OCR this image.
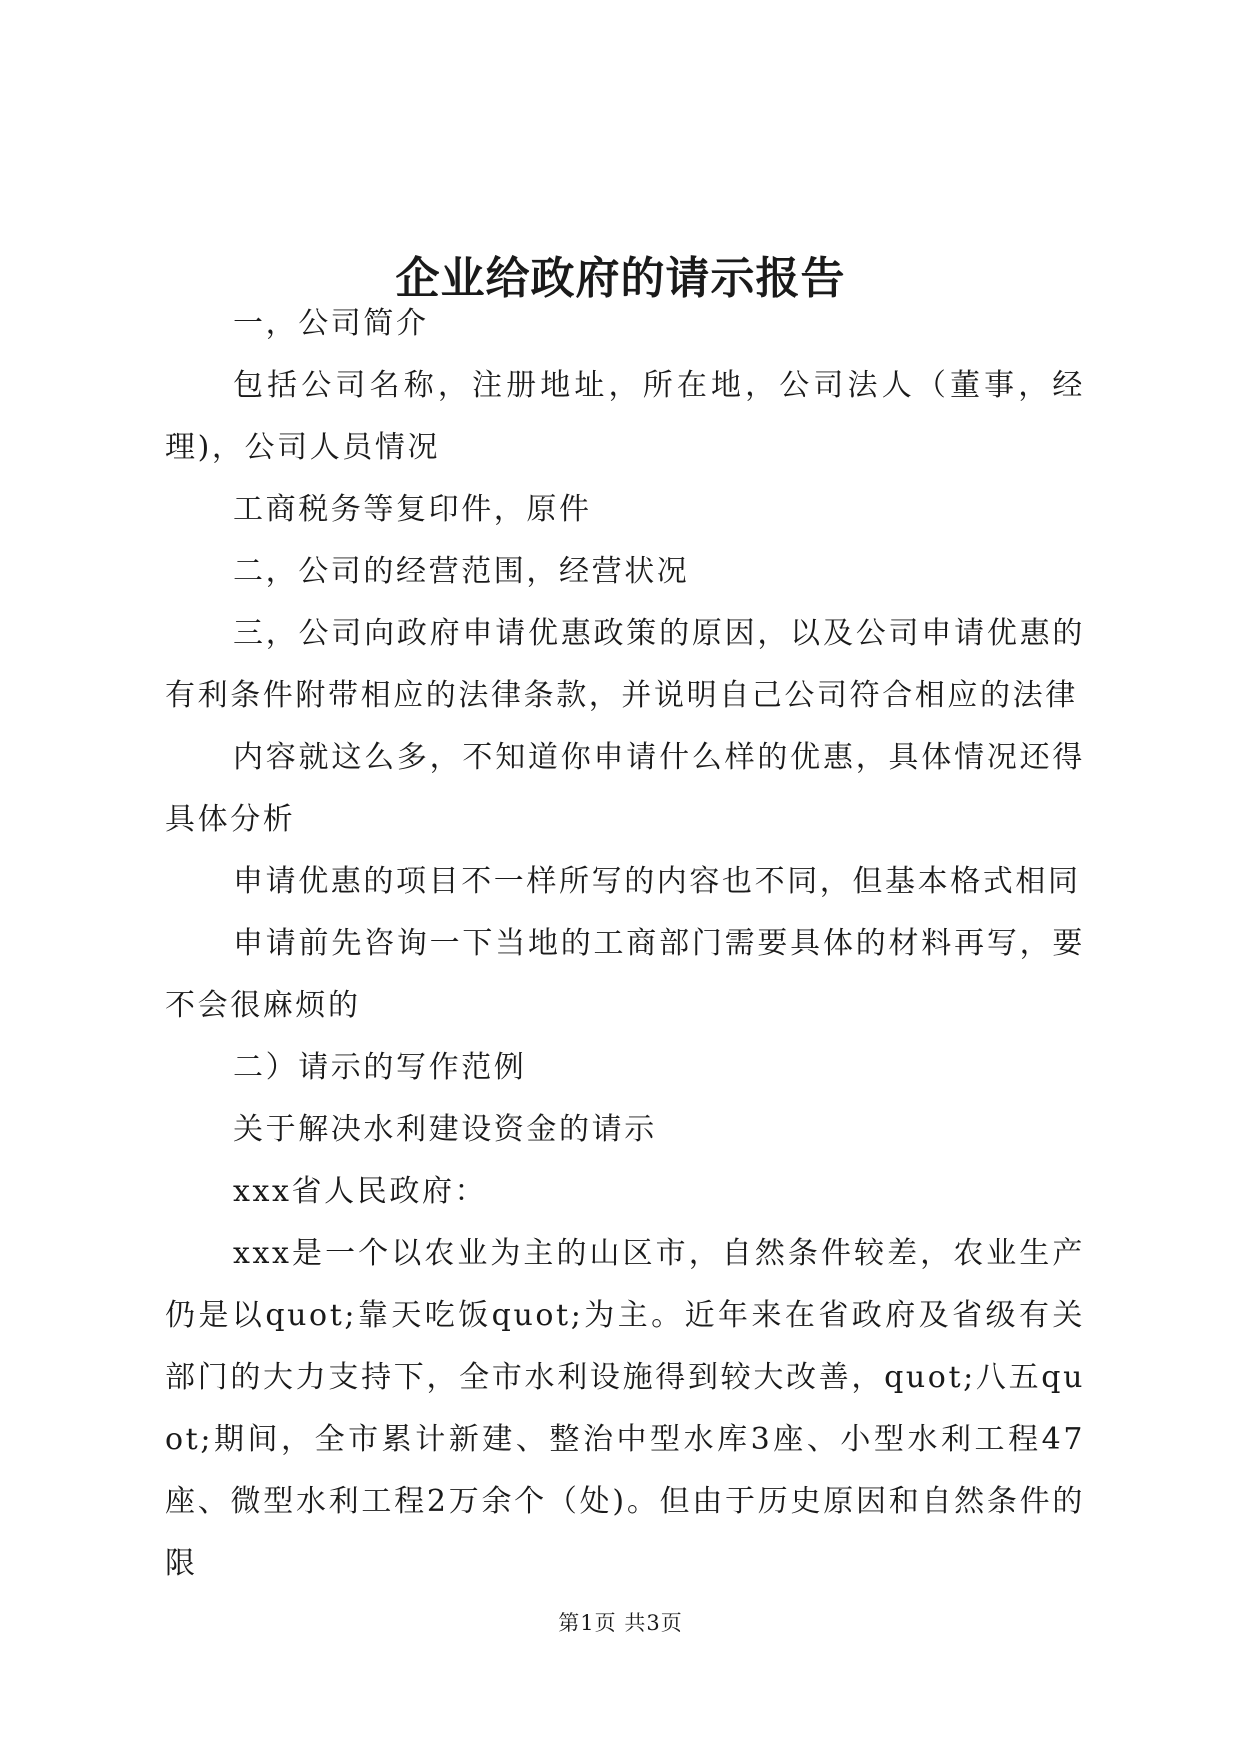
企业给政府的请示报告

一，公司简介

包括公司名称，注册地址，所在地，公司法人（董事，经理)，公司人员情况

工商税务等复印件，原件

二，公司的经营范围，经营状况

三，公司向政府申请优惠政策的原因，以及公司申请优惠的有利条件附带相应的法律条款，并说明自己公司符合相应的法律

内容就这么多，不知道你申请什么样的优惠，具体情况还得具体分析

申请优惠的项目不一样所写的内容也不同，但基本格式相同

申请前先咨询一下当地的工商部门需要具体的材料再写，要不会很麻烦的

二）请示的写作范例

关于解决水利建设资金的请示

xxx省人民政府：

xxx是一个以农业为主的山区市，自然条件较差，农业生产仍是以quot;靠天吃饭quot;为主。近年来在省政府及省级有关部门的大力支持下，全市水利设施得到较大改善，quot;八五quot;期间，全市累计新建、整治中型水库3座、小型水利工程47座、微型水利工程2万余个（处)。但由于历史原因和自然条件的限

第1页 共3页
